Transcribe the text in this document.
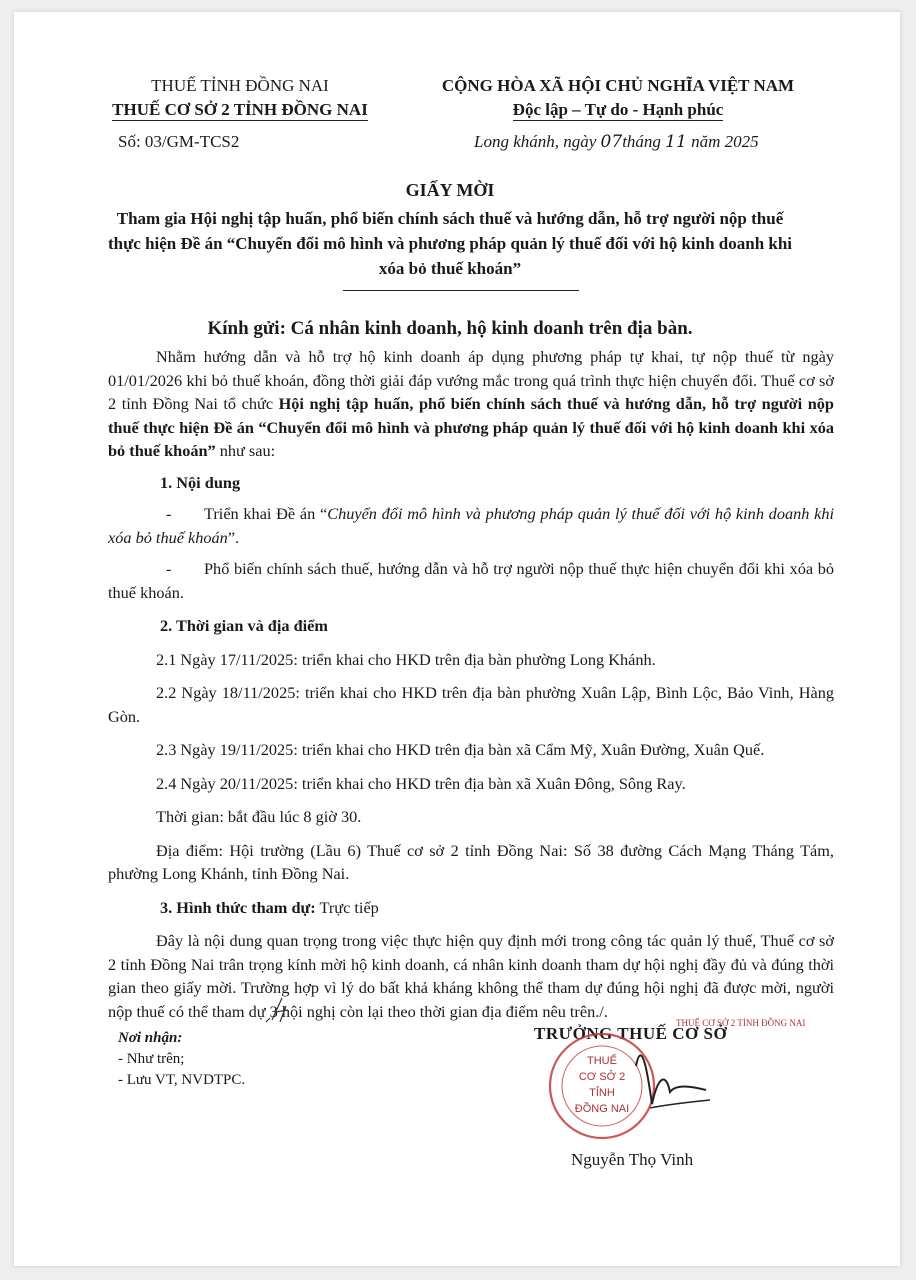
THUẾ TỈNH ĐỒNG NAI
THUẾ CƠ SỞ 2 TỈNH ĐỒNG NAI
CỘNG HÒA XÃ HỘI CHỦ NGHĨA VIỆT NAM
Độc lập – Tự do - Hạnh phúc
Số: 03/GM-TCS2	Long khánh, ngày 07tháng 11 năm 2025
GIẤY MỜI
Tham gia Hội nghị tập huấn, phổ biến chính sách thuế và hướng dẫn, hỗ trợ người nộp thuế thực hiện Đề án “Chuyển đổi mô hình và phương pháp quản lý thuế đối với hộ kinh doanh khi xóa bỏ thuế khoán”
Kính gửi: Cá nhân kinh doanh, hộ kinh doanh trên địa bàn.

Nhằm hướng dẫn và hỗ trợ hộ kinh doanh áp dụng phương pháp tự khai, tự nộp thuế từ ngày 01/01/2026 khi bỏ thuế khoán, đồng thời giải đáp vướng mắc trong quá trình thực hiện chuyển đổi. Thuế cơ sở 2 tỉnh Đồng Nai tổ chức Hội nghị tập huấn, phổ biến chính sách thuế và hướng dẫn, hỗ trợ người nộp thuế thực hiện Đề án “Chuyển đổi mô hình và phương pháp quản lý thuế đối với hộ kinh doanh khi xóa bỏ thuế khoán” như sau:

1. Nội dung

- Triển khai Đề án “Chuyển đổi mô hình và phương pháp quản lý thuế đối với hộ kinh doanh khi xóa bỏ thuế khoán”.

- Phổ biến chính sách thuế, hướng dẫn và hỗ trợ người nộp thuế thực hiện chuyển đổi khi xóa bỏ thuế khoán.

2. Thời gian và địa điểm

2.1 Ngày 17/11/2025: triển khai cho HKD trên địa bàn phường Long Khánh.

2.2 Ngày 18/11/2025: triển khai cho HKD trên địa bàn phường Xuân Lập, Bình Lộc, Bảo Vinh, Hàng Gòn.

2.3 Ngày 19/11/2025: triển khai cho HKD trên địa bàn xã Cẩm Mỹ, Xuân Đường, Xuân Quế.

2.4 Ngày 20/11/2025: triển khai cho HKD trên địa bàn xã Xuân Đông, Sông Ray.

Thời gian: bắt đầu lúc 8 giờ 30.

Địa điểm: Hội trường (Lầu 6) Thuế cơ sở 2 tỉnh Đồng Nai: Số 38 đường Cách Mạng Tháng Tám, phường Long Khánh, tỉnh Đồng Nai.

3. Hình thức tham dự: Trực tiếp

Đây là nội dung quan trọng trong việc thực hiện quy định mới trong công tác quản lý thuế, Thuế cơ sở 2 tỉnh Đồng Nai trân trọng kính mời hộ kinh doanh, cá nhân kinh doanh tham dự hội nghị đầy đủ và đúng thời gian theo giấy mời. Trường hợp vì lý do bất khả kháng không thể tham dự đúng hội nghị đã được mời, người nộp thuế có thể tham dự 3 hội nghị còn lại theo thời gian địa điểm nêu trên./.

Nơi nhận:
- Như trên;
- Lưu VT, NVDTPC.
THUẾ CƠ SỞ 2 TỈNH ĐỒNG NAI
TRƯỞNG THUẾ CƠ SỞ
THUẾ
CƠ SỞ 2
TỈNH
ĐỒNG NAI
Nguyễn Thọ Vinh
